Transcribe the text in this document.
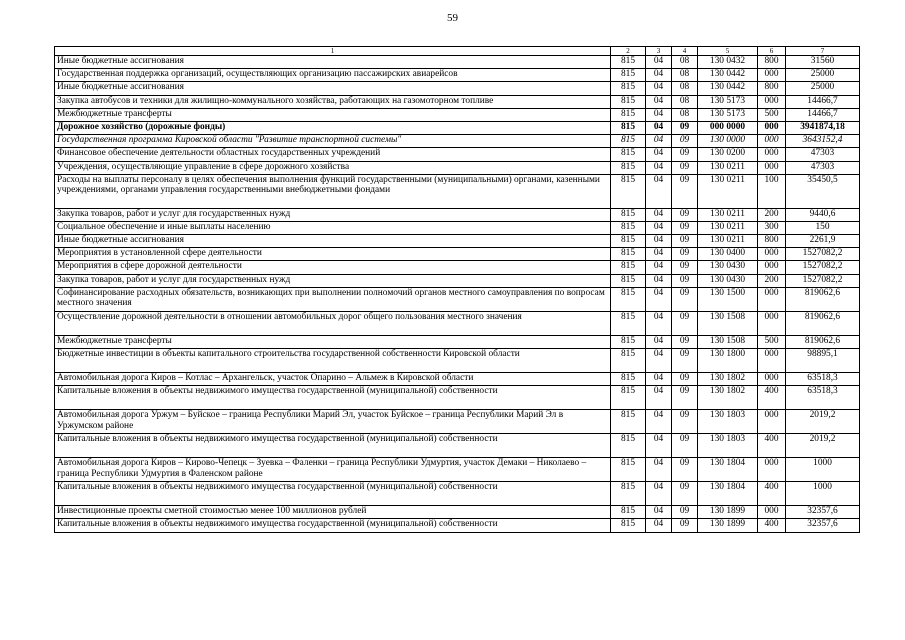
59
1	2	3	4	5	6	7
Иные бюджетные ассигнования	815	04	08	130 0432	800	31560
Государственная поддержка организаций, осуществляющих организацию пассажирских авиарейсов	815	04	08	130 0442	000	25000
Иные бюджетные ассигнования	815	04	08	130 0442	800	25000
Закупка автобусов и техники для жилищно-коммунального хозяйства, работающих на газомоторном топливе	815	04	08	130 5173	000	14466,7
Межбюджетные трансферты	815	04	08	130 5173	500	14466,7
Дорожное хозяйство (дорожные фонды)	815	04	09	000 0000	000	3941874,18
Государственная программа Кировской области "Развитие транспортной системы"	815	04	09	130 0000	000	3643152,4
Финансовое обеспечение деятельности областных государственных учреждений	815	04	09	130 0200	000	47303
Учреждения, осуществляющие управление в сфере дорожного хозяйства	815	04	09	130 0211	000	47303
Расходы на выплаты персоналу в целях обеспечения выполнения функций государственными (муниципальными) органами, казенными учреждениями, органами управления государственными внебюджетными фондами	815	04	09	130 0211	100	35450,5
Закупка товаров, работ и услуг для государственных нужд	815	04	09	130 0211	200	9440,6
Социальное обеспечение и иные выплаты населению	815	04	09	130 0211	300	150
Иные бюджетные ассигнования	815	04	09	130 0211	800	2261,9
Мероприятия в установленной сфере деятельности	815	04	09	130 0400	000	1527082,2
Мероприятия в сфере дорожной деятельности	815	04	09	130 0430	000	1527082,2
Закупка товаров, работ и услуг для государственных нужд	815	04	09	130 0430	200	1527082,2
Софинансирование расходных обязательств, возникающих при выполнении полномочий органов местного самоуправления по вопросам местного значения	815	04	09	130 1500	000	819062,6
Осуществление дорожной деятельности в отношении автомобильных дорог общего пользования местного значения	815	04	09	130 1508	000	819062,6
Межбюджетные трансферты	815	04	09	130 1508	500	819062,6
Бюджетные инвестиции в объекты капитального строительства государственной собственности Кировской области	815	04	09	130 1800	000	98895,1
Автомобильная дорога Киров – Котлас – Архангельск, участок Опарино – Альмеж в Кировской области	815	04	09	130 1802	000	63518,3
Капитальные вложения в объекты недвижимого имущества государственной (муниципальной) собственности	815	04	09	130 1802	400	63518,3
Автомобильная дорога Уржум – Буйское – граница Республики Марий Эл, участок Буйское – граница Республики Марий Эл в Уржумском районе	815	04	09	130 1803	000	2019,2
Капитальные вложения в объекты недвижимого имущества государственной (муниципальной) собственности	815	04	09	130 1803	400	2019,2
Автомобильная дорога Киров – Кирово-Чепецк – Зуевка – Фаленки – граница Республики Удмуртия, участок Демаки – Николаево – граница Республики Удмуртия в Фаленском районе	815	04	09	130 1804	000	1000
Капитальные вложения в объекты недвижимого имущества государственной (муниципальной) собственности	815	04	09	130 1804	400	1000
Инвестиционные проекты сметной стоимостью менее 100 миллионов рублей	815	04	09	130 1899	000	32357,6
Капитальные вложения в объекты недвижимого имущества государственной (муниципальной) собственности	815	04	09	130 1899	400	32357,6
